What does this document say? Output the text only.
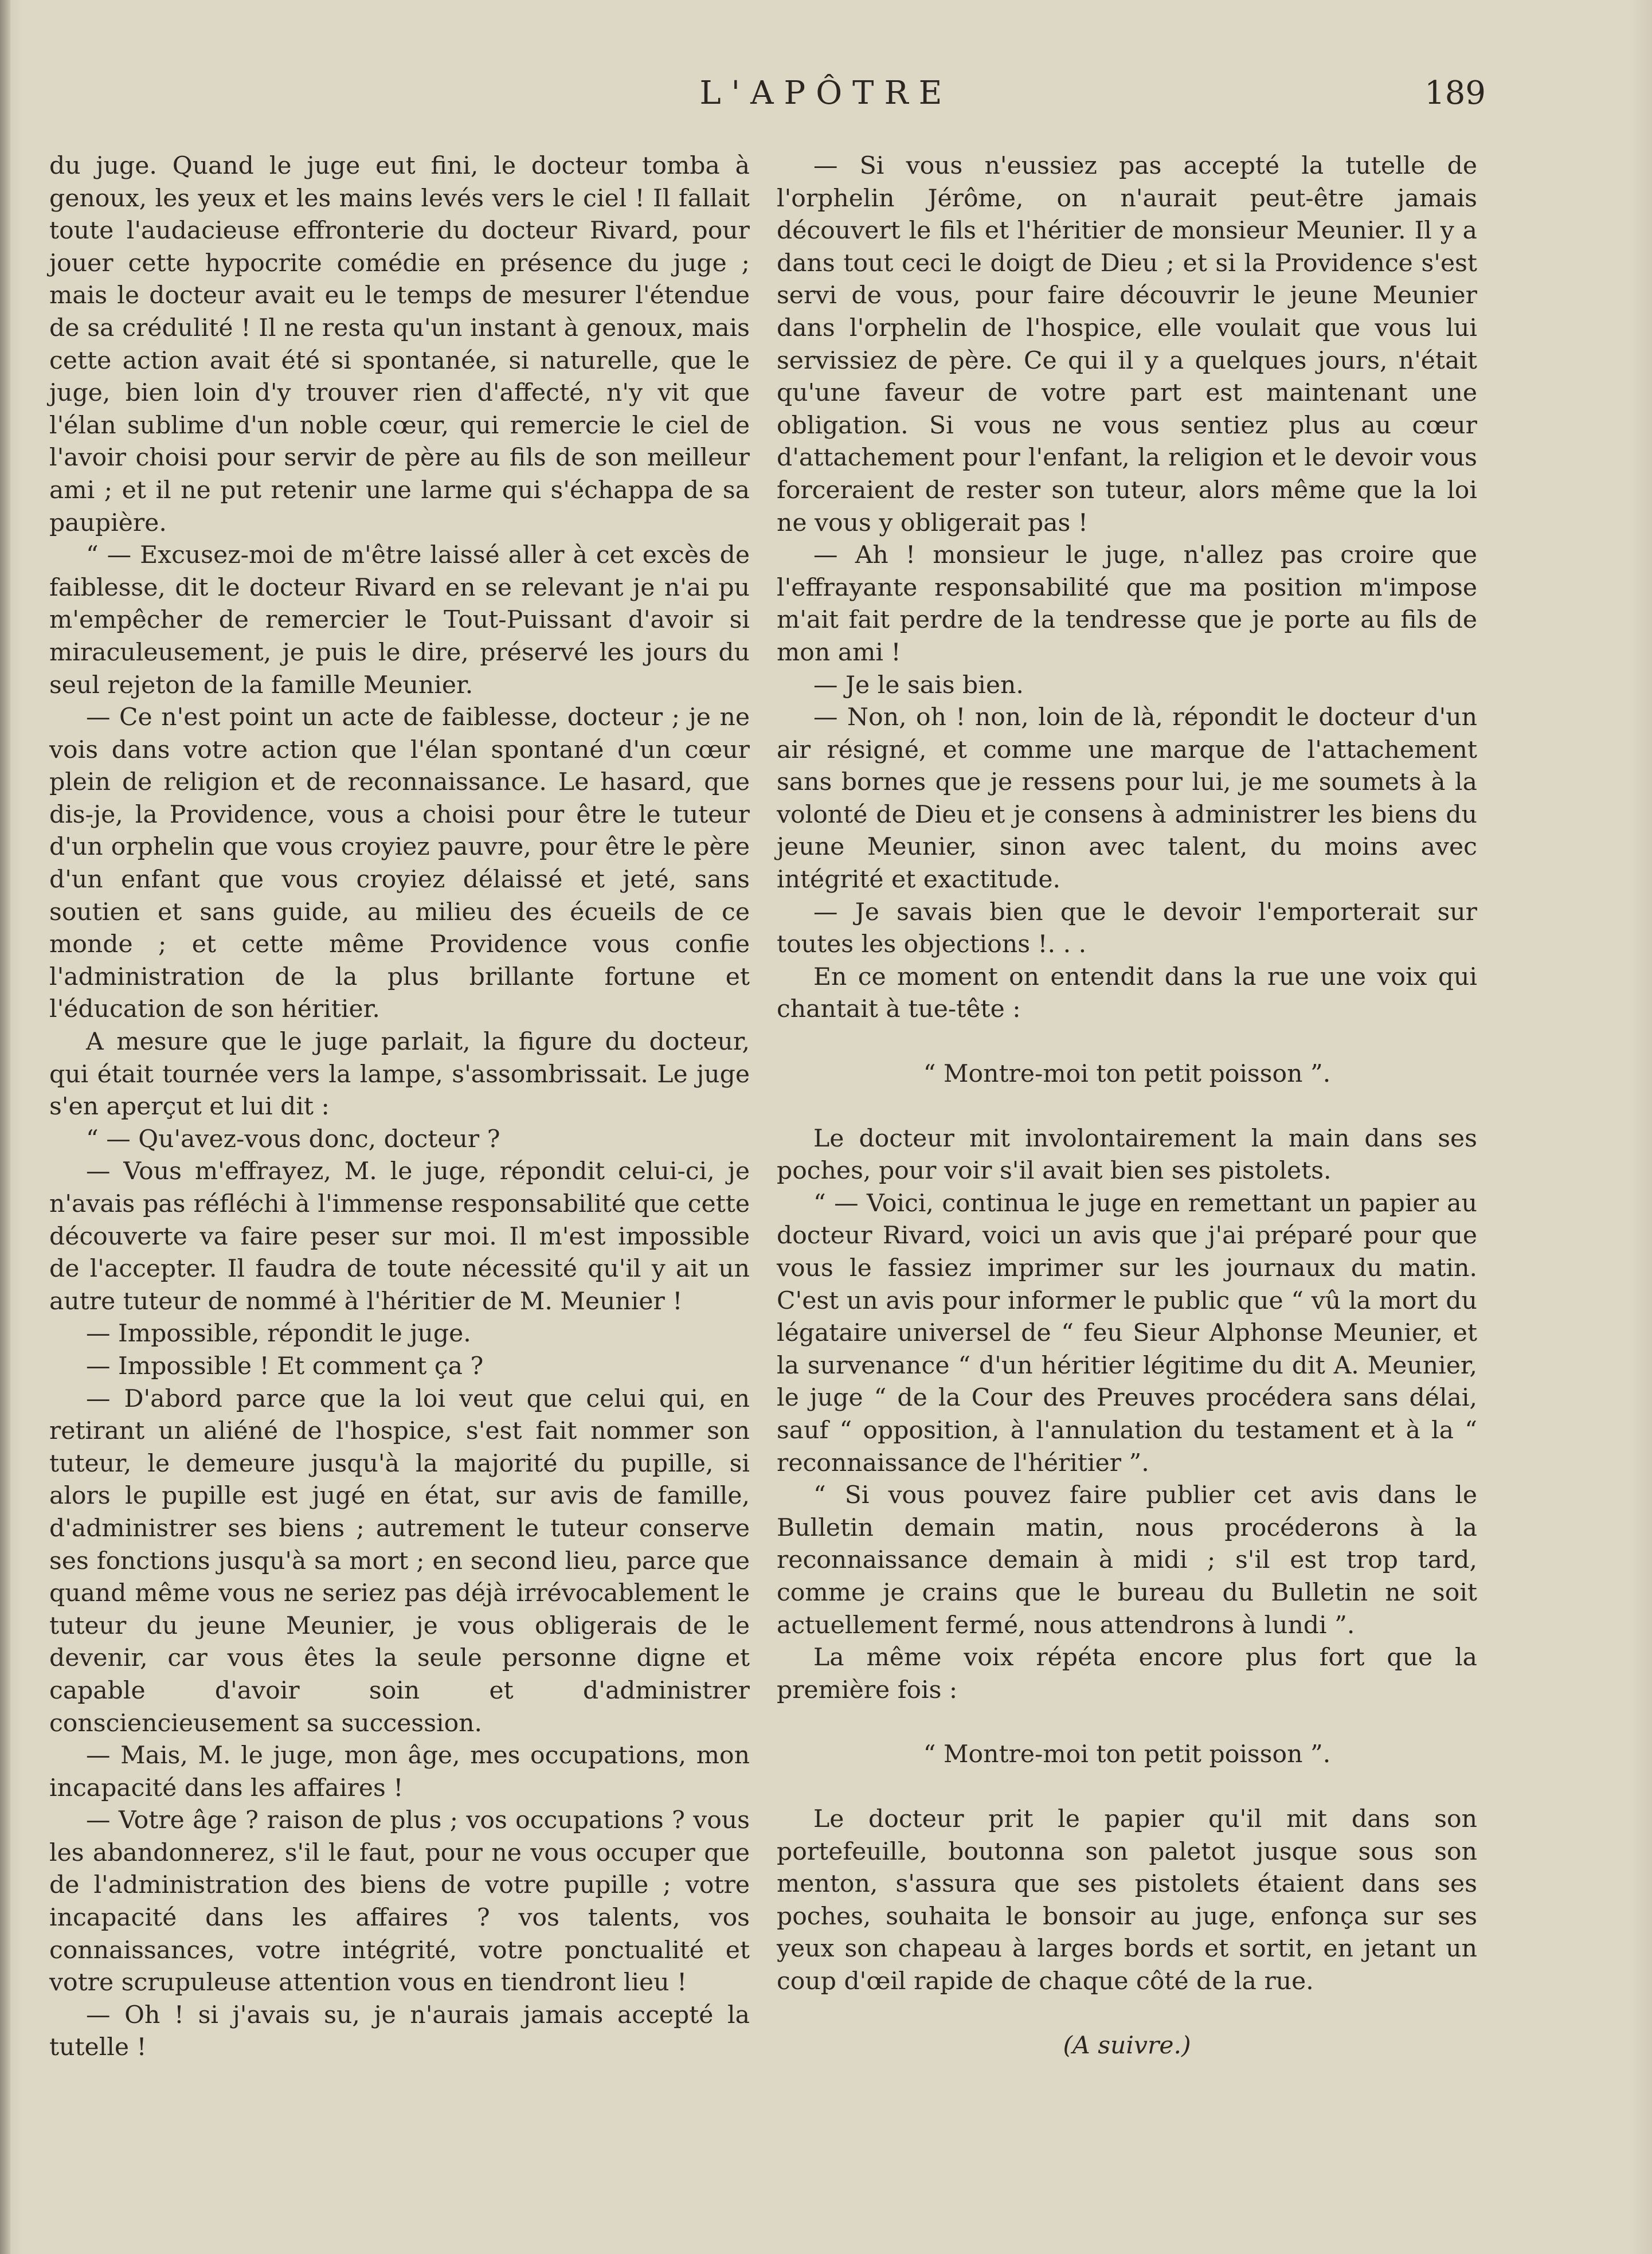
L'APÔTRE	189

du juge. Quand le juge eut fini, le docteur tomba à genoux, les yeux et les mains levés vers le ciel ! Il fallait toute l'audacieuse effronterie du docteur Rivard, pour jouer cette hypocrite comédie en présence du juge ; mais le docteur avait eu le temps de mesurer l'étendue de sa crédulité ! Il ne resta qu'un instant à genoux, mais cette action avait été si spontanée, si naturelle, que le juge, bien loin d'y trouver rien d'affecté, n'y vit que l'élan sublime d'un noble cœur, qui remercie le ciel de l'avoir choisi pour servir de père au fils de son meilleur ami ; et il ne put retenir une larme qui s'échappa de sa paupière.

“ — Excusez-moi de m'être laissé aller à cet excès de faiblesse, dit le docteur Rivard en se relevant je n'ai pu m'empêcher de remercier le Tout-Puissant d'avoir si miraculeusement, je puis le dire, préservé les jours du seul rejeton de la famille Meunier.

— Ce n'est point un acte de faiblesse, docteur ; je ne vois dans votre action que l'élan spontané d'un cœur plein de religion et de reconnaissance. Le hasard, que dis-je, la Providence, vous a choisi pour être le tuteur d'un orphelin que vous croyiez pauvre, pour être le père d'un enfant que vous croyiez délaissé et jeté, sans soutien et sans guide, au milieu des écueils de ce monde ; et cette même Providence vous confie l'administration de la plus brillante fortune et l'éducation de son héritier.

A mesure que le juge parlait, la figure du docteur, qui était tournée vers la lampe, s'assombrissait. Le juge s'en aperçut et lui dit :

“ — Qu'avez-vous donc, docteur ?

— Vous m'effrayez, M. le juge, répondit celui-ci, je n'avais pas réfléchi à l'immense responsabilité que cette découverte va faire peser sur moi. Il m'est impossible de l'accepter. Il faudra de toute nécessité qu'il y ait un autre tuteur de nommé à l'héritier de M. Meunier !

— Impossible, répondit le juge.

— Impossible ! Et comment ça ?

— D'abord parce que la loi veut que celui qui, en retirant un aliéné de l'hospice, s'est fait nommer son tuteur, le demeure jusqu'à la majorité du pupille, si alors le pupille est jugé en état, sur avis de famille, d'administrer ses biens ; autrement le tuteur conserve ses fonctions jusqu'à sa mort ; en second lieu, parce que quand même vous ne seriez pas déjà irrévocablement le tuteur du jeune Meunier, je vous obligerais de le devenir, car vous êtes la seule personne digne et capable d'avoir soin et d'administrer consciencieusement sa succession.

— Mais, M. le juge, mon âge, mes occupations, mon incapacité dans les affaires !

— Votre âge ? raison de plus ; vos occupations ? vous les abandonnerez, s'il le faut, pour ne vous occuper que de l'administration des biens de votre pupille ; votre incapacité dans les affaires ? vos talents, vos connaissances, votre intégrité, votre ponctualité et votre scrupuleuse attention vous en tiendront lieu !

— Oh ! si j'avais su, je n'aurais jamais accepté la tutelle !

— Si vous n'eussiez pas accepté la tutelle de l'orphelin Jérôme, on n'aurait peut-être jamais découvert le fils et l'héritier de monsieur Meunier. Il y a dans tout ceci le doigt de Dieu ; et si la Providence s'est servi de vous, pour faire découvrir le jeune Meunier dans l'orphelin de l'hospice, elle voulait que vous lui servissiez de père. Ce qui il y a quelques jours, n'était qu'une faveur de votre part est maintenant une obligation. Si vous ne vous sentiez plus au cœur d'attachement pour l'enfant, la religion et le devoir vous forceraient de rester son tuteur, alors même que la loi ne vous y obligerait pas !

— Ah ! monsieur le juge, n'allez pas croire que l'effrayante responsabilité que ma position m'impose m'ait fait perdre de la tendresse que je porte au fils de mon ami !

— Je le sais bien.

— Non, oh ! non, loin de là, répondit le docteur d'un air résigné, et comme une marque de l'attachement sans bornes que je ressens pour lui, je me soumets à la volonté de Dieu et je consens à administrer les biens du jeune Meunier, sinon avec talent, du moins avec intégrité et exactitude.

— Je savais bien que le devoir l'emporterait sur toutes les objections !. . .

En ce moment on entendit dans la rue une voix qui chantait à tue-tête :

“ Montre-moi ton petit poisson ”.

Le docteur mit involontairement la main dans ses poches, pour voir s'il avait bien ses pistolets.

“ — Voici, continua le juge en remettant un papier au docteur Rivard, voici un avis que j'ai préparé pour que vous le fassiez imprimer sur les journaux du matin. C'est un avis pour informer le public que “ vû la mort du légataire universel de “ feu Sieur Alphonse Meunier, et la survenance “ d'un héritier légitime du dit A. Meunier, le juge “ de la Cour des Preuves procédera sans délai, sauf “ opposition, à l'annulation du testament et à la “ reconnaissance de l'héritier ”.

“ Si vous pouvez faire publier cet avis dans le Bulletin demain matin, nous procéderons à la reconnaissance demain à midi ; s'il est trop tard, comme je crains que le bureau du Bulletin ne soit actuellement fermé, nous attendrons à lundi ”.

La même voix répéta encore plus fort que la première fois :

“ Montre-moi ton petit poisson ”.

Le docteur prit le papier qu'il mit dans son portefeuille, boutonna son paletot jusque sous son menton, s'assura que ses pistolets étaient dans ses poches, souhaita le bonsoir au juge, enfonça sur ses yeux son chapeau à larges bords et sortit, en jetant un coup d'œil rapide de chaque côté de la rue.

(A suivre.)
